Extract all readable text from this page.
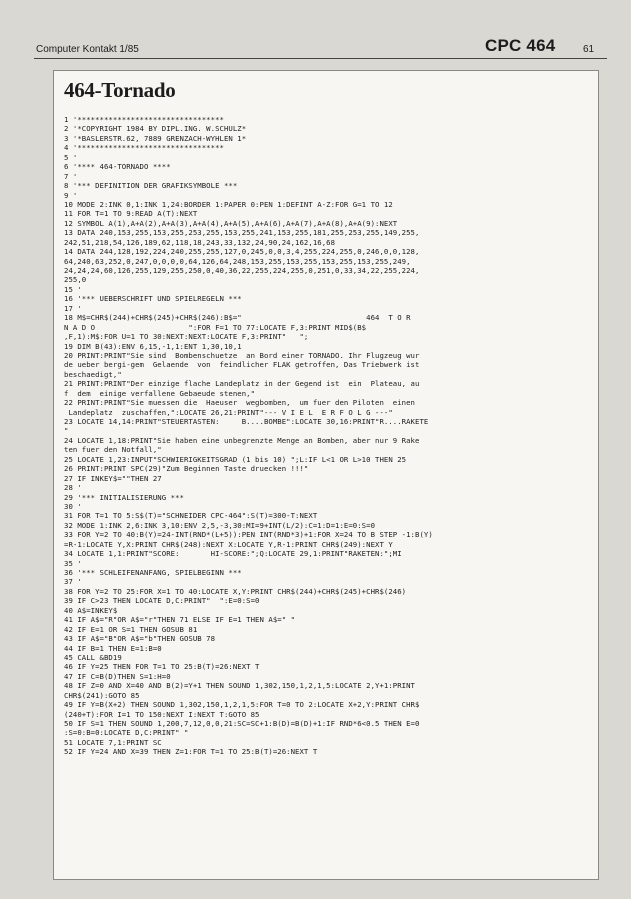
Computer Kontakt 1/85	CPC 464	61
464-Tornado
1 '*********************************
2 '*COPYRIGHT 1984 BY DIPL.ING. W.SCHULZ*
3 '*BASLERSTR.62, 7889 GRENZACH-WYHLEN 1*
4 '*********************************
5 '
6 '**** 464-TORNADO ****
7 '
8 '*** DEFINITION DER GRAFIKSYMBOLE ***
9 '
10 MODE 2:INK 0,1:INK 1,24:BORDER 1:PAPER 0:PEN 1:DEFINT A-Z:FOR G=1 TO 12
11 FOR T=1 TO 9:READ A(T):NEXT
12 SYMBOL A(1),A+A(2),A+A(3),A+A(4),A+A(5),A+A(6),A+A(7),A+A(8),A+A(9):NEXT
13 DATA 240,153,255,153,255,253,255,153,255,241,153,255,181,255,253,255,149,255,
242,51,218,54,126,189,62,118,18,243,33,132,24,90,24,162,16,68
14 DATA 244,128,192,224,240,255,255,127,0,245,0,0,3,4,255,224,255,0,246,0,0,128,
64,240,63,252,0,247,0,0,0,0,64,126,64,248,153,255,153,255,153,255,153,255,249,
24,24,24,60,126,255,129,255,250,0,40,36,22,255,224,255,0,251,0,33,34,22,255,224,
255,0
15 '
16 '*** UEBERSCHRIFT UND SPIELREGELN ***
17 '
18 M$=CHR$(244)+CHR$(245)+CHR$(246):B$="                            464  T O R
N A D O                     ":FOR F=1 TO 77:LOCATE F,3:PRINT MID$(B$
,F,1):M$:FOR U=1 TO 30:NEXT:NEXT:LOCATE F,3:PRINT"   ";
19 DIM B(43):ENV 6,15,-1,1:ENT 1,30,10,1
20 PRINT:PRINT"Sie sind  Bombenschuetze  an Bord einer TORNADO. Ihr Flugzeug wur
de ueber bergi-gem  Gelaende  von  feindlicher FLAK getroffen, Das Triebwerk ist
beschaedigt,"
21 PRINT:PRINT"Der einzige flache Landeplatz in der Gegend ist  ein  Plateau, au
f  dem  einige verfallene Gebaeude stenen,"
22 PRINT:PRINT"Sie muessen die  Haeuser  wegbomben,  um fuer den Piloten  einen
Landeplatz  zuschaffen,":LOCATE 26,21:PRINT"--- V I E L  E R F O L G ---"
23 LOCATE 14,14:PRINT"STEUERTASTEN:     B....BOMBE":LOCATE 30,16:PRINT"R....RAKETE
"
24 LOCATE 1,18:PRINT"Sie haben eine unbegrenzte Menge an Bomben, aber nur 9 Rake
ten fuer den Notfall,"
25 LOCATE 1,23:INPUT"SCHWIERIGKEITSGRAD (1 bis 10) ";L:IF L<1 OR L>10 THEN 25
26 PRINT:PRINT SPC(29)"Zum Beginnen Taste druecken !!!"
27 IF INKEY$=""THEN 27
28 '
29 '*** INITIALISIERUNG ***
30 '
31 FOR T=1 TO 5:S$(T)="SCHNEIDER CPC-464":S(T)=300-T:NEXT
32 MODE 1:INK 2,6:INK 3,10:ENV 2,5,-3,30:MI=9+INT(L/2):C=1:D=1:E=0:S=0
33 FOR Y=2 TO 40:B(Y)=24-INT(RND*(L+5)):PEN INT(RND*3)+1:FOR X=24 TO B STEP -1:B(Y)
=R-1:LOCATE Y,X:PRINT CHR$(248):NEXT X:LOCATE Y,R-1:PRINT CHR$(249):NEXT Y
34 LOCATE 1,1:PRINT"SCORE:       HI-SCORE:";Q:LOCATE 29,1:PRINT"RAKETEN:";MI
35 '
36 '*** SCHLEIFENANFANG, SPIELBEGINN ***
37 '
38 FOR Y=2 TO 25:FOR X=1 TO 40:LOCATE X,Y:PRINT CHR$(244)+CHR$(245)+CHR$(246)
39 IF C>23 THEN LOCATE D,C:PRINT"  ":E=0:S=0
40 A$=INKEY$
41 IF A$="R"OR A$="r"THEN 71 ELSE IF E=1 THEN A$=" "
42 IF E=1 OR S=1 THEN GOSUB 81
43 IF A$="B"OR A$="b"THEN GOSUB 78
44 IF B=1 THEN E=1:B=0
45 CALL &BD19
46 IF Y=25 THEN FOR T=1 TO 25:B(T)=26:NEXT T
47 IF C=B(D)THEN S=1:H=0
48 IF Z=0 AND X=40 AND B(2)=Y+1 THEN SOUND 1,302,150,1,2,1,5:LOCATE 2,Y+1:PRINT
CHR$(241):GOTO 85
49 IF Y=B(X+2) THEN SOUND 1,302,150,1,2,1,5:FOR T=0 TO 2:LOCATE X+2,Y:PRINT CHR$
(240+T):FOR I=1 TO 150:NEXT I:NEXT T:GOTO 85
50 IF S=1 THEN SOUND 1,200,7,12,0,0,21:SC=SC+1:B(D)=B(D)+1:IF RND*6<0.5 THEN E=0
:S=0:B=0:LOCATE D,C:PRINT" "
51 LOCATE 7,1:PRINT SC
52 IF Y=24 AND X=39 THEN Z=1:FOR T=1 TO 25:B(T)=26:NEXT T
